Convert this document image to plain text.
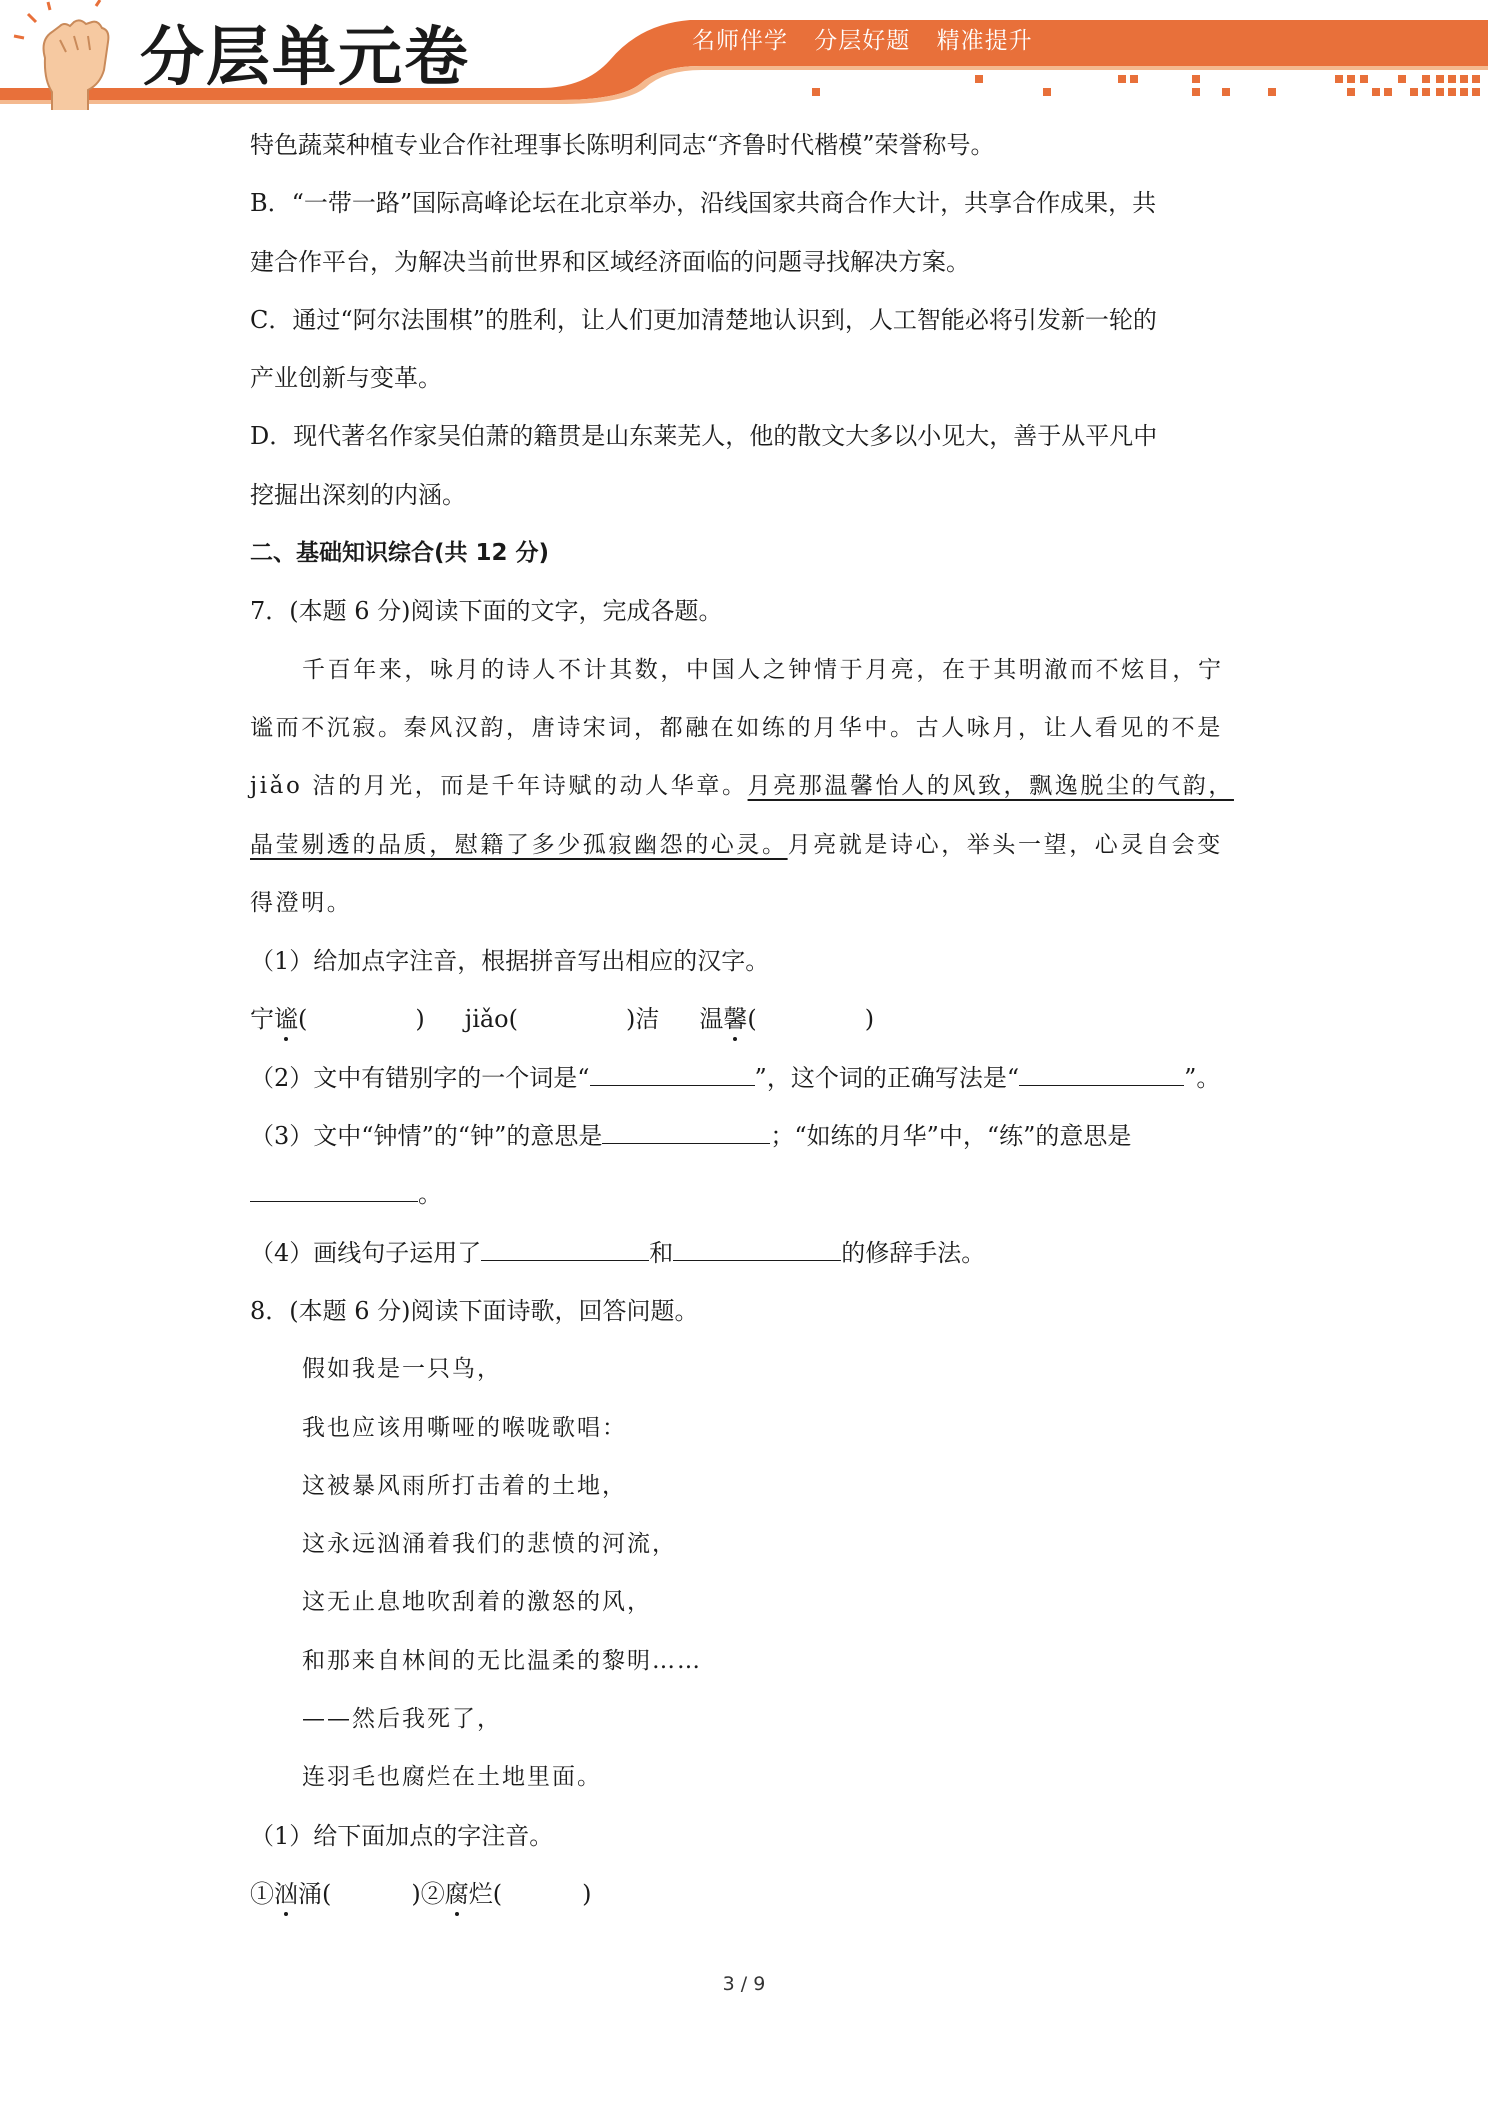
分层单元卷	名师伴学 分层好题 精准提升
特色蔬菜种植专业合作社理事长陈明利同志“齐鲁时代楷模”荣誉称号。
B．“一带一路”国际高峰论坛在北京举办，沿线国家共商合作大计，共享合作成果，共
建合作平台，为解决当前世界和区域经济面临的问题寻找解决方案。
C．通过“阿尔法围棋”的胜利，让人们更加清楚地认识到，人工智能必将引发新一轮的
产业创新与变革。
D．现代著名作家吴伯萧的籍贯是山东莱芜人，他的散文大多以小见大，善于从平凡中
挖掘出深刻的内涵。
二、基础知识综合(共 12 分)
7．(本题 6 分)阅读下面的文字，完成各题。
千百年来，咏月的诗人不计其数，中国人之钟情于月亮，在于其明澈而不炫目，宁
谧而不沉寂。秦风汉韵，唐诗宋词，都融在如练的月华中。古人咏月，让人看见的不是
jiǎo 洁的月光，而是千年诗赋的动人华章。月亮那温馨怡人的风致，飘逸脱尘的气韵，
晶莹剔透的品质，慰籍了多少孤寂幽怨的心灵。月亮就是诗心，举头一望，心灵自会变
得澄明。
（1）给加点字注音，根据拼音写出相应的汉字。
宁谧(	) jiǎo(	)洁 温馨(	)
（2）文中有错别字的一个词是“	”，这个词的正确写法是“	”。
（3）文中“钟情”的“钟”的意思是	；“如练的月华”中，“练”的意思是
。
（4）画线句子运用了	和	的修辞手法。
8．(本题 6 分)阅读下面诗歌，回答问题。
假如我是一只鸟，
我也应该用嘶哑的喉咙歌唱：
这被暴风雨所打击着的土地，
这永远汹涌着我们的悲愤的河流，
这无止息地吹刮着的激怒的风，
和那来自林间的无比温柔的黎明……
——然后我死了，
连羽毛也腐烂在土地里面。
（1）给下面加点的字注音。
①汹涌(	)②腐烂(	)
3 / 9
